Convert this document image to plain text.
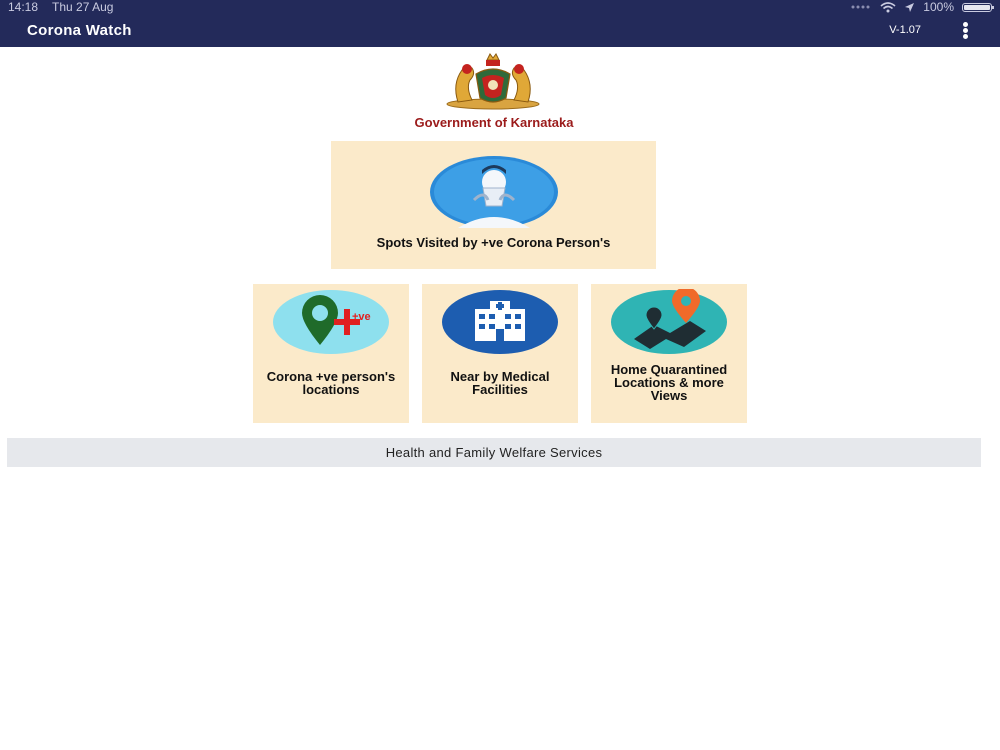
14:18 Thu 27 Aug	100%
Corona Watch	V-1.07
Government of Karnataka
Spots Visited by +ve Corona Person's
+ve
Corona +ve person's locations
Near by Medical Facilities
Home Quarantined Locations & more Views
Health and Family Welfare Services
